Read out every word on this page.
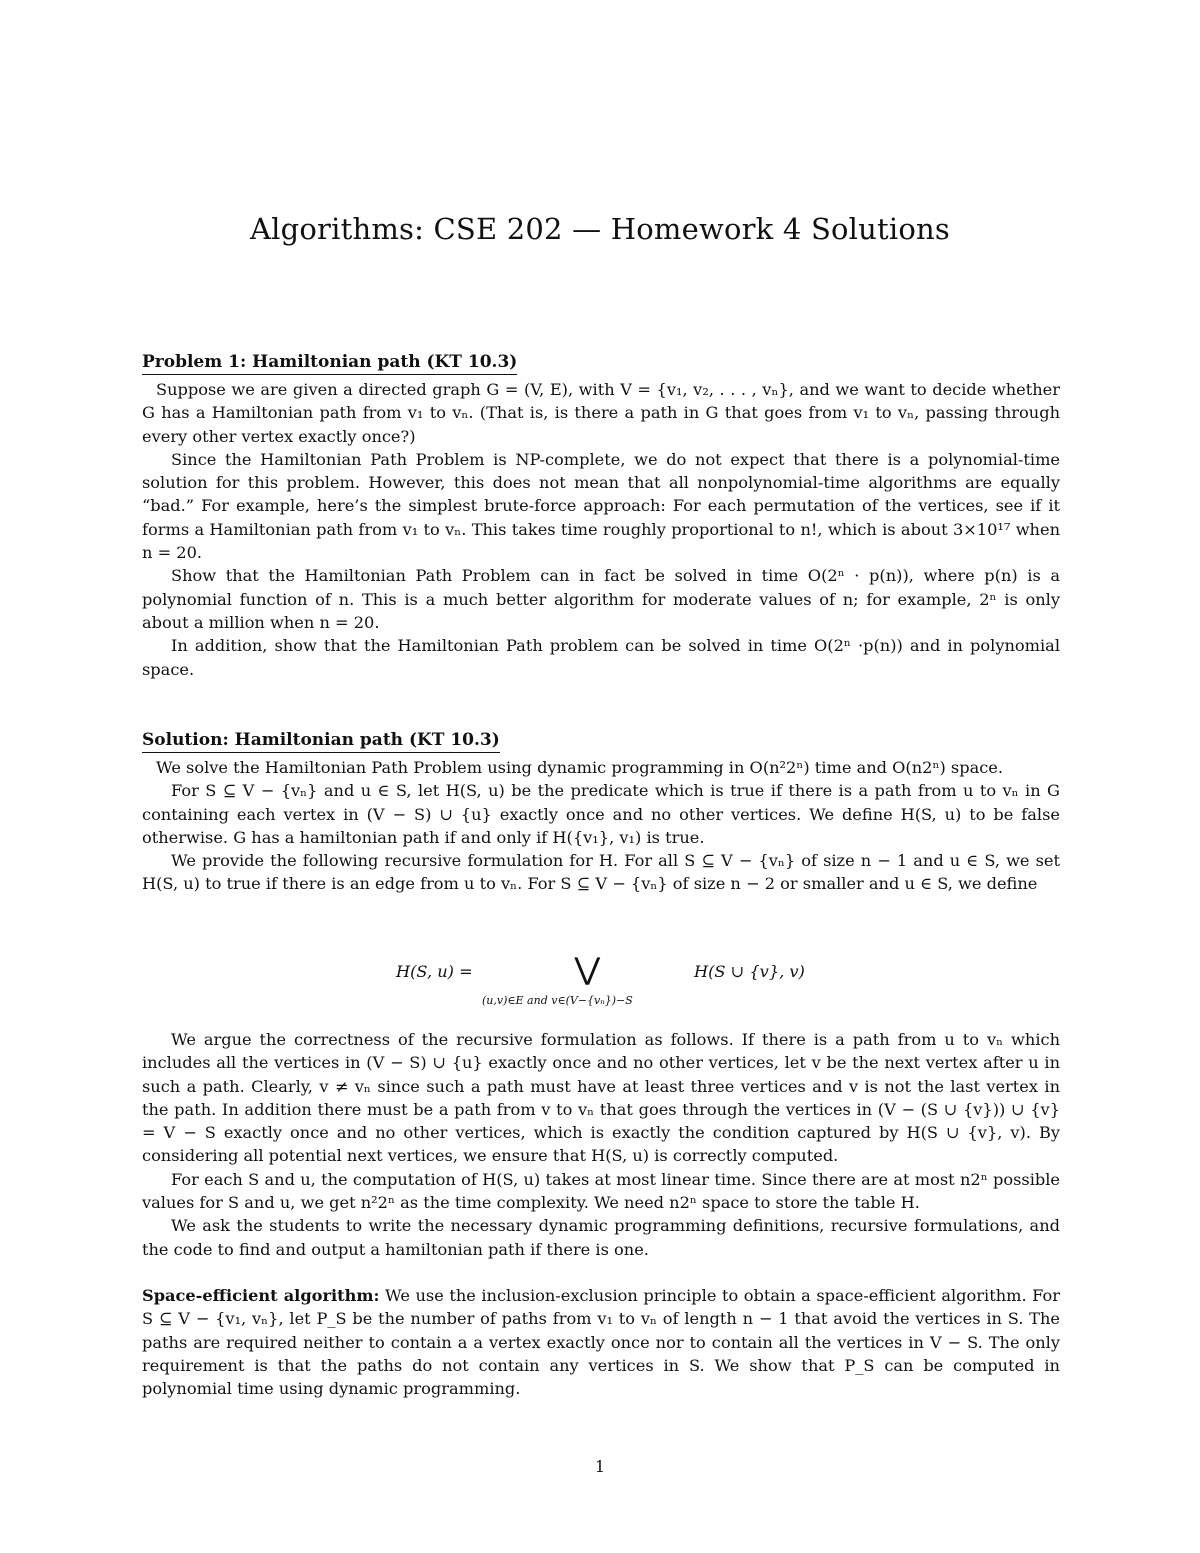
Algorithms: CSE 202 — Homework 4 Solutions
Problem 1: Hamiltonian path (KT 10.3)

Suppose we are given a directed graph G = (V, E), with V = {v₁, v₂, . . . , vₙ}, and we want to decide whether G has a Hamiltonian path from v₁ to vₙ. (That is, is there a path in G that goes from v₁ to vₙ, passing through every other vertex exactly once?)

Since the Hamiltonian Path Problem is NP-complete, we do not expect that there is a polynomial-time solution for this problem. However, this does not mean that all nonpolynomial-time algorithms are equally “bad.” For example, here’s the simplest brute-force approach: For each permutation of the vertices, see if it forms a Hamiltonian path from v₁ to vₙ. This takes time roughly proportional to n!, which is about 3×10¹⁷ when n = 20.

Show that the Hamiltonian Path Problem can in fact be solved in time O(2ⁿ · p(n)), where p(n) is a polynomial function of n. This is a much better algorithm for moderate values of n; for example, 2ⁿ is only about a million when n = 20.

In addition, show that the Hamiltonian Path problem can be solved in time O(2ⁿ ·p(n)) and in polynomial space.

Solution: Hamiltonian path (KT 10.3)

We solve the Hamiltonian Path Problem using dynamic programming in O(n²2ⁿ) time and O(n2ⁿ) space.

For S ⊆ V − {vₙ} and u ∈ S, let H(S, u) be the predicate which is true if there is a path from u to vₙ in G containing each vertex in (V − S) ∪ {u} exactly once and no other vertices. We define H(S, u) to be false otherwise. G has a hamiltonian path if and only if H({v₁}, v₁) is true.

We provide the following recursive formulation for H. For all S ⊆ V − {vₙ} of size n − 1 and u ∈ S, we set H(S, u) to true if there is an edge from u to vₙ. For S ⊆ V − {vₙ} of size n − 2 or smaller and u ∈ S, we define

H(S, u) =	⋁
(u,v)∈E and v∈(V−{vₙ})−S
H(S ∪ {v}, v)

We argue the correctness of the recursive formulation as follows. If there is a path from u to vₙ which includes all the vertices in (V − S) ∪ {u} exactly once and no other vertices, let v be the next vertex after u in such a path. Clearly, v ≠ vₙ since such a path must have at least three vertices and v is not the last vertex in the path. In addition there must be a path from v to vₙ that goes through the vertices in (V − (S ∪ {v})) ∪ {v} = V − S exactly once and no other vertices, which is exactly the condition captured by H(S ∪ {v}, v). By considering all potential next vertices, we ensure that H(S, u) is correctly computed.

For each S and u, the computation of H(S, u) takes at most linear time. Since there are at most n2ⁿ possible values for S and u, we get n²2ⁿ as the time complexity. We need n2ⁿ space to store the table H.

We ask the students to write the necessary dynamic programming definitions, recursive formulations, and the code to find and output a hamiltonian path if there is one.

Space-efficient algorithm: We use the inclusion-exclusion principle to obtain a space-efficient algorithm. For S ⊆ V − {v₁, vₙ}, let P_S be the number of paths from v₁ to vₙ of length n − 1 that avoid the vertices in S. The paths are required neither to contain a a vertex exactly once nor to contain all the vertices in V − S. The only requirement is that the paths do not contain any vertices in S. We show that P_S can be computed in polynomial time using dynamic programming.

1
